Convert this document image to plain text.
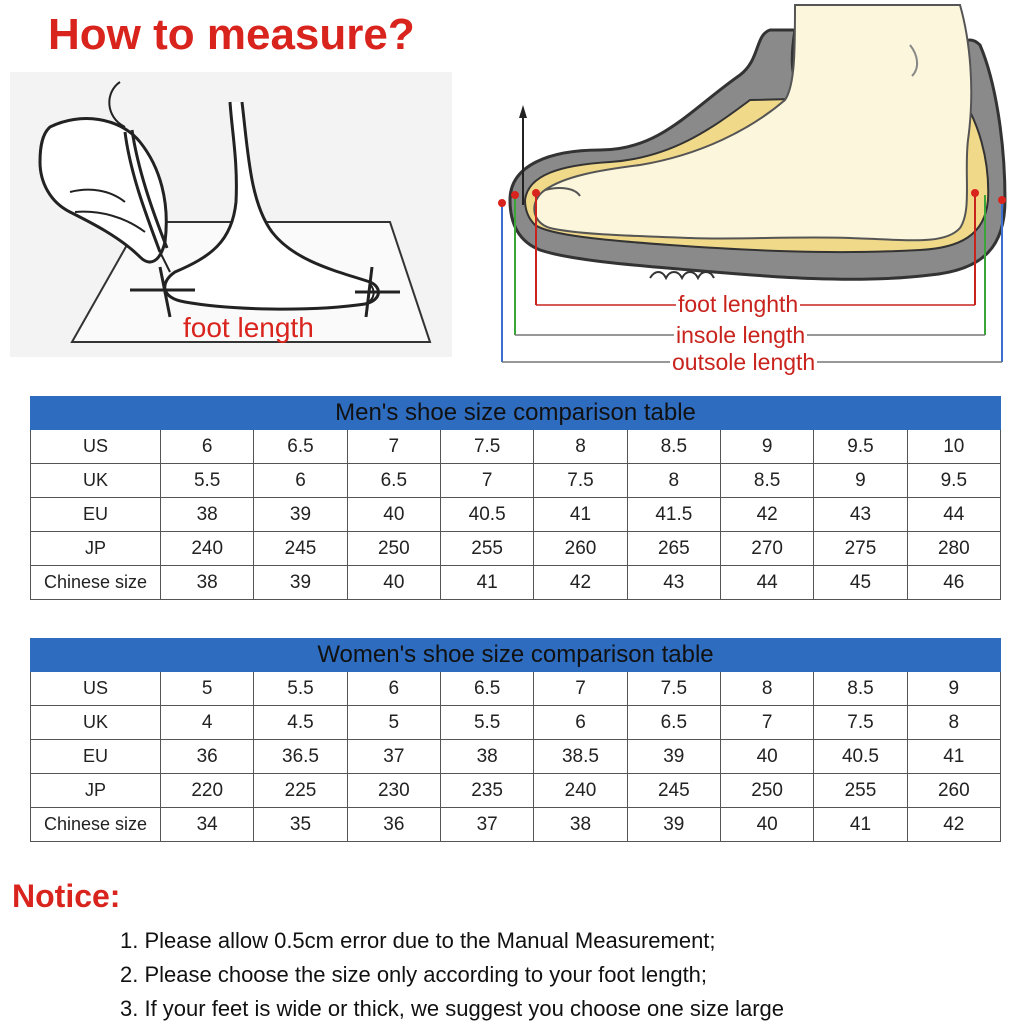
How to measure?
foot length
foot lenghth
insole length
outsole length
Men's shoe size comparison table									
US	6	6.5	7	7.5	8	8.5	9	9.5	10
UK	5.5	6	6.5	7	7.5	8	8.5	9	9.5
EU	38	39	40	40.5	41	41.5	42	43	44
JP	240	245	250	255	260	265	270	275	280
Chinese size	38	39	40	41	42	43	44	45	46
Women's shoe size comparison table									
US	5	5.5	6	6.5	7	7.5	8	8.5	9
UK	4	4.5	5	5.5	6	6.5	7	7.5	8
EU	36	36.5	37	38	38.5	39	40	40.5	41
JP	220	225	230	235	240	245	250	255	260
Chinese size	34	35	36	37	38	39	40	41	42
Notice:
1. Please allow 0.5cm error due to the Manual Measurement;
2. Please choose the size only according to your foot length;
3. If your feet is wide or thick, we suggest you choose one size large
